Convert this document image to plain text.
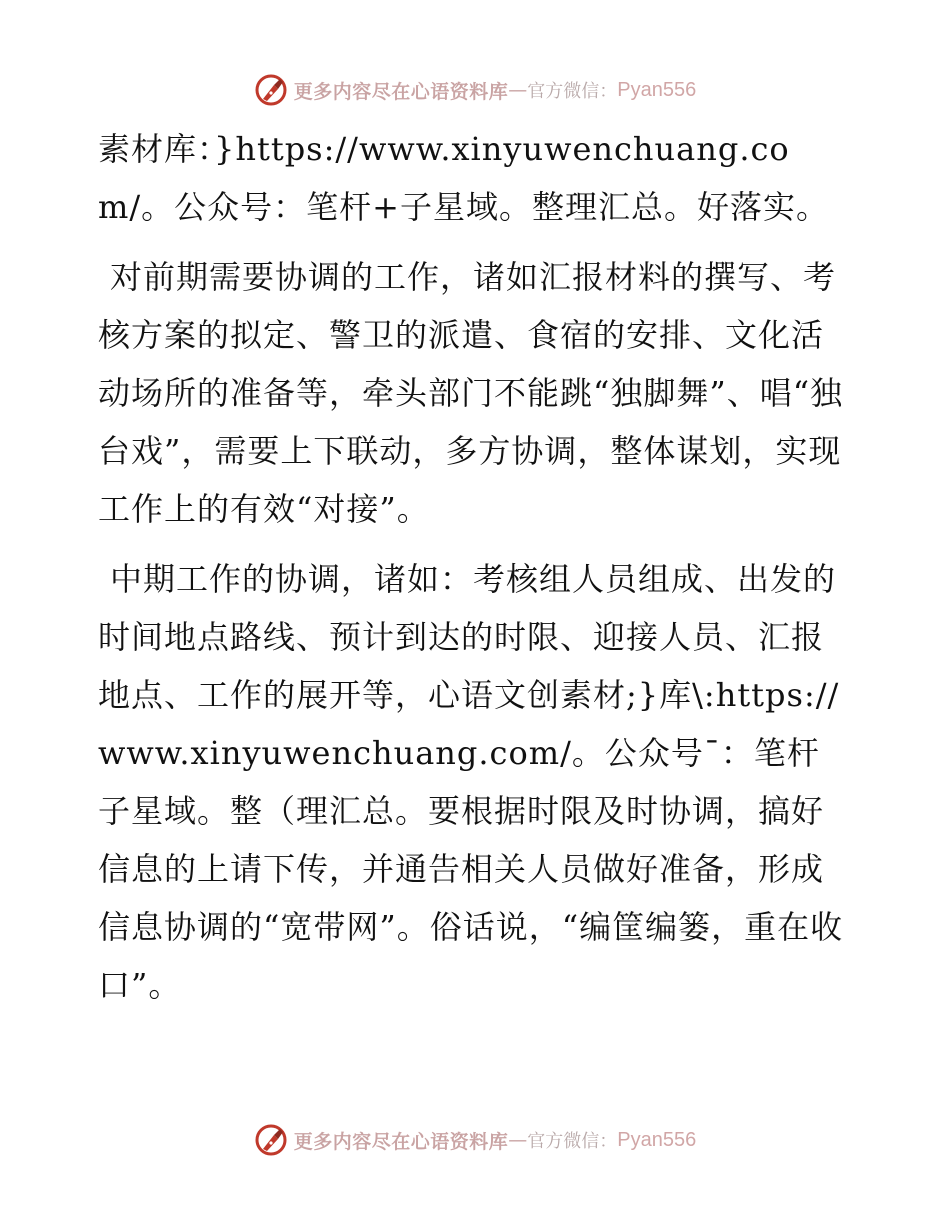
更多内容尽在心语资料库 — 官方微信： Pyan556

素材库：}https://www.xinyuwenchuang.com/。公众号：笔杆+子星域。整理汇总。好落实。

对前期需要协调的工作，诸如汇报材料的撰写、考核方案的拟定、警卫的派遣、食宿的安排、文化活动场所的准备等，牵头部门不能跳“独脚舞”、唱“独台戏”，需要上下联动，多方协调，整体谋划，实现工作上的有效“对接”。

中期工作的协调，诸如：考核组人员组成、出发的时间地点路线、预计到达的时限、迎接人员、汇报地点、工作的展开等，心语文创素材;}库\:https://www.xinyuwenchuang.com/。公众号¯：笔杆子星域。整（理汇总。要根据时限及时协调，搞好信息的上请下传，并通告相关人员做好准备，形成信息协调的“宽带网”。俗话说，“编筐编篓，重在收口”。

更多内容尽在心语资料库 — 官方微信： Pyan556
